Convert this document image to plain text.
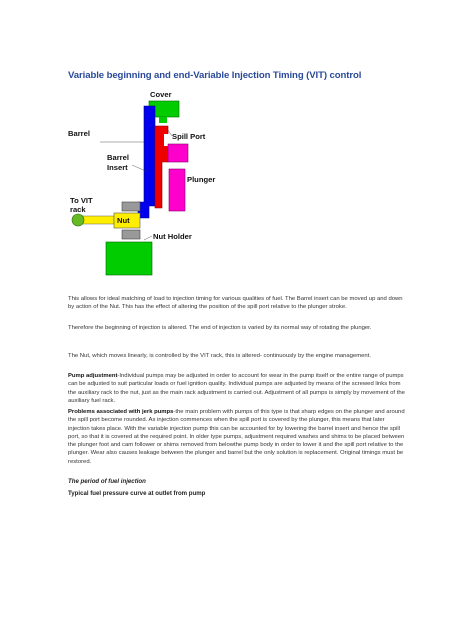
Variable beginning and end-Variable Injection Timing (VIT) control
Cover
Barrel	Spill Port
Barrel
Insert
Plunger
To VIT
rack
Nut
Nut Holder
This allows for ideal matching of load to injection timing for various qualities of fuel. The Barrel insert can be moved up and down by action of the Nut. This has the effect of altering the position of the spill port relative to the plunger stroke.
Therefore the beginning of injection is altered. The end of injection is varied by its normal way of rotating the plunger.
The Nut, which moves linearly, is controlled by the VIT rack, this is altered- continuously by the engine management.
Pump adjustment-Individual pumps may be adjusted in order to account for wear in the pump itself or the entire range of pumps can be adjusted to suit particular loads or fuel ignition quality. Individual pumps are adjusted by means of the screwed links from the auxiliary rack to the nut, just as the main rack adjustment is carried out. Adjustment of all pumps is simply by movement of the auxiliary fuel rack.
Problems associated with jerk pumps-the main problem with pumps of this type is that sharp edges on the plunger and around the spill port become rounded. As injection commences when the spill port is covered by the plunger, this means that later injection takes place. With the variable injection pump this can be accounted for by lowering the barrel insert and hence the spill port, so that it is covered at the required point. In older type pumps, adjustment required washes and shims to be placed between the plunger foot and cam follower or shims removed from belowthe pump body in order to lower it and the spill port relative to the plunger. Wear also causes leakage between the plunger and barrel but the only solution is replacement. Original timings must be restored.
The period of fuel injection
Typical fuel pressure curve at outlet from pump
